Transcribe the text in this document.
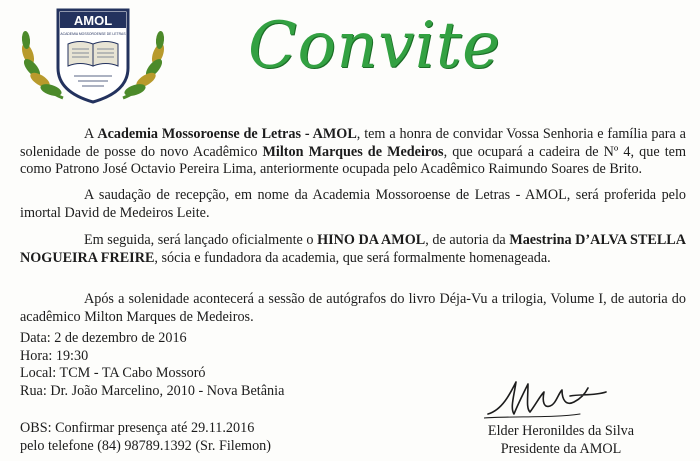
AMOL
ACADEMIA MOSSOROENSE DE LETRAS Convite
A Academia Mossoroense de Letras - AMOL, tem a honra de convidar Vossa Senhoria e família para a solenidade de posse do novo Acadêmico Milton Marques de Medeiros, que ocupará a cadeira de Nº 4, que tem como Patrono José Octavio Pereira Lima, anteriormente ocupada pelo Acadêmico Raimundo Soares de Brito.
A saudação de recepção, em nome da Academia Mossoroense de Letras - AMOL, será proferida pelo imortal David de Medeiros Leite.
Em seguida, será lançado oficialmente o HINO DA AMOL, de autoria da Maestrina D’ALVA STELLA NOGUEIRA FREIRE, sócia e fundadora da academia, que será formalmente homenageada.
Após a solenidade acontecerá a sessão de autógrafos do livro Déja-Vu a trilogia, Volume I, de autoria do acadêmico Milton Marques de Medeiros.
Data: 2 de dezembro de 2016
Hora: 19:30
Local: TCM - TA Cabo Mossoró
Rua: Dr. João Marcelino, 2010 - Nova Betânia
OBS: Confirmar presença até 29.11.2016
pelo telefone (84) 98789.1392 (Sr. Filemon)
Elder Heronildes da Silva
Presidente da AMOL
